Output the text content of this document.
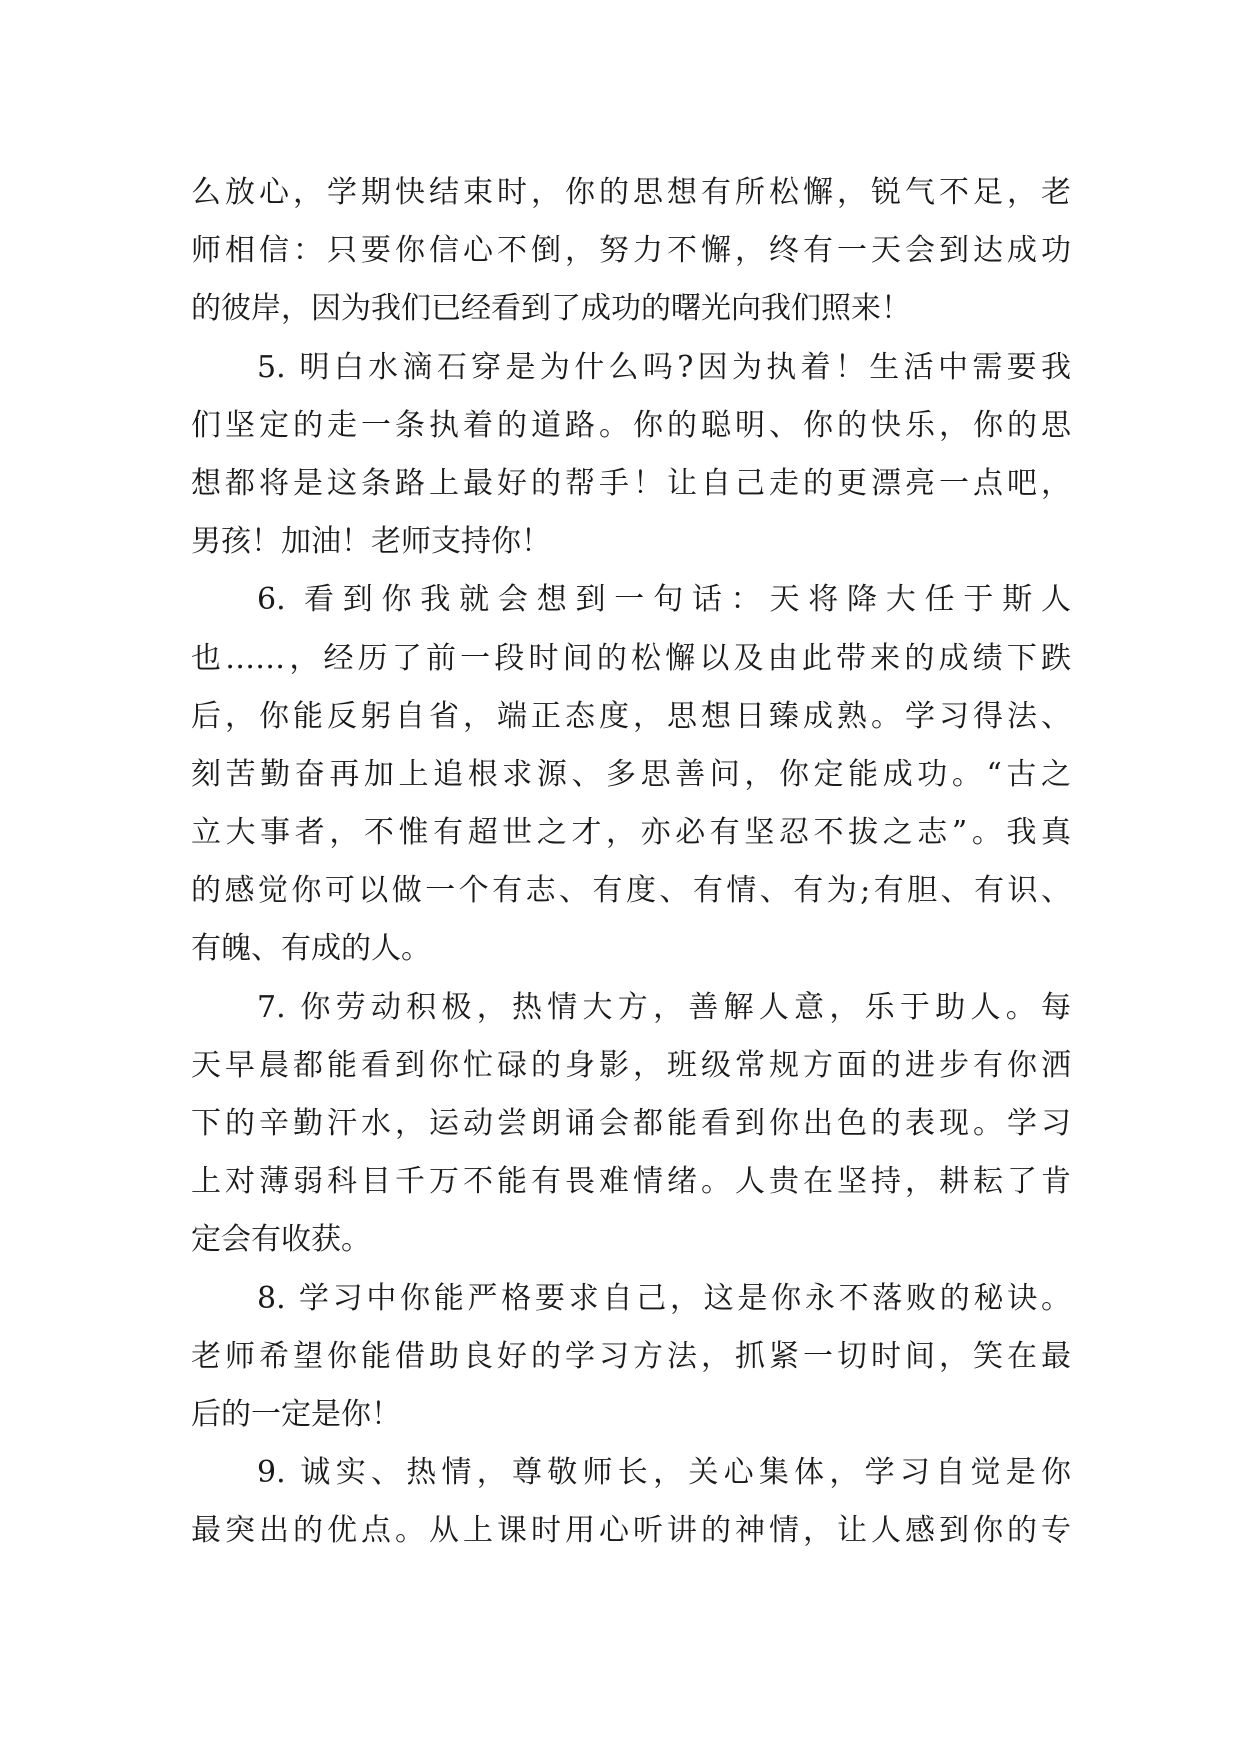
么放心，学期快结束时，你的思想有所松懈，锐气不足，老
师相信：只要你信心不倒，努力不懈，终有一天会到达成功
的彼岸，因为我们已经看到了成功的曙光向我们照来！
5. 明白水滴石穿是为什么吗?因为执着！生活中需要我
们坚定的走一条执着的道路。你的聪明、你的快乐，你的思
想都将是这条路上最好的帮手！让自己走的更漂亮一点吧，
男孩！加油！老师支持你！
6. 看到你我就会想到一句话：天将降大任于斯人
也……，经历了前一段时间的松懈以及由此带来的成绩下跌
后，你能反躬自省，端正态度，思想日臻成熟。学习得法、
刻苦勤奋再加上追根求源、多思善问，你定能成功。“古之
立大事者，不惟有超世之才，亦必有坚忍不拔之志”。我真
的感觉你可以做一个有志、有度、有情、有为;有胆、有识、
有魄、有成的人。
7. 你劳动积极，热情大方，善解人意，乐于助人。每
天早晨都能看到你忙碌的身影，班级常规方面的进步有你洒
下的辛勤汗水，运动尝朗诵会都能看到你出色的表现。学习
上对薄弱科目千万不能有畏难情绪。人贵在坚持，耕耘了肯
定会有收获。
8. 学习中你能严格要求自己，这是你永不落败的秘诀。
老师希望你能借助良好的学习方法，抓紧一切时间，笑在最
后的一定是你！
9. 诚实、热情，尊敬师长，关心集体，学习自觉是你
最突出的优点。从上课时用心听讲的神情，让人感到你的专
